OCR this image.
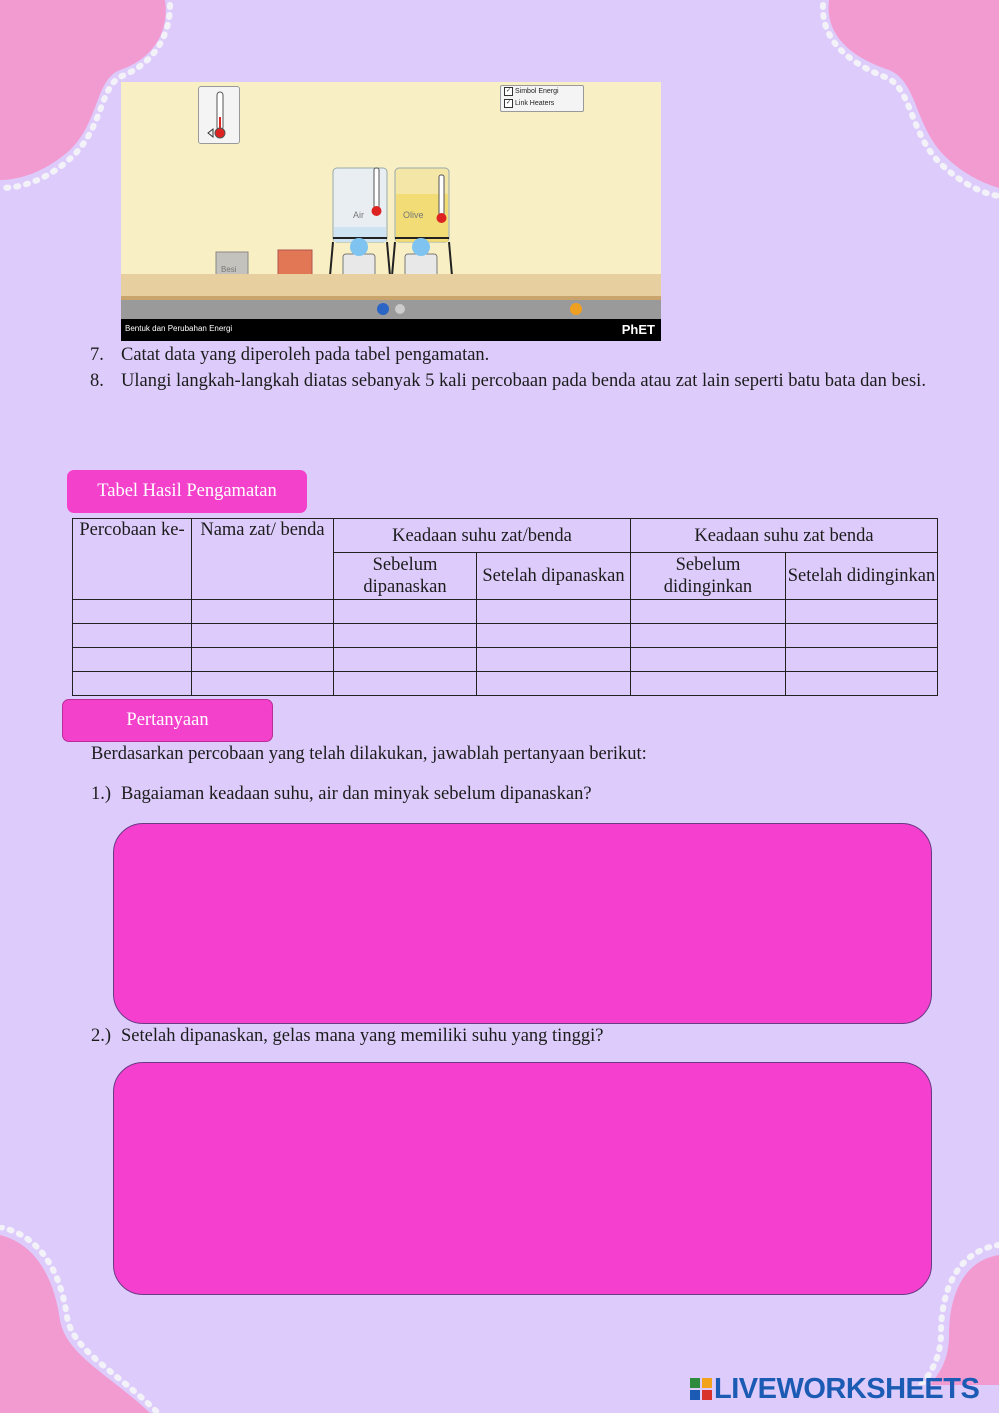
✓ Simbol Energi
✓ Link Heaters
Air	Olive
Besi
Bentuk dan Perubahan Energi	PhET
7. Catat data yang diperoleh pada tabel pengamatan.
8. Ulangi langkah-langkah diatas sebanyak 5 kali percobaan pada benda atau zat lain seperti batu bata dan besi.
Tabel Hasil Pengamatan
Percobaan ke-	Nama zat/ benda	Keadaan suhu zat/benda		Keadaan suhu zat benda	
		Sebelum dipanaskan	Setelah dipanaskan	Sebelum didinginkan	Setelah didinginkan

Pertanyaan
Berdasarkan percobaan yang telah dilakukan, jawablah pertanyaan berikut:
1.) Bagaiaman keadaan suhu, air dan minyak sebelum dipanaskan?
2.) Setelah dipanaskan, gelas mana yang memiliki suhu yang tinggi?
LIVEWORKSHEETS
